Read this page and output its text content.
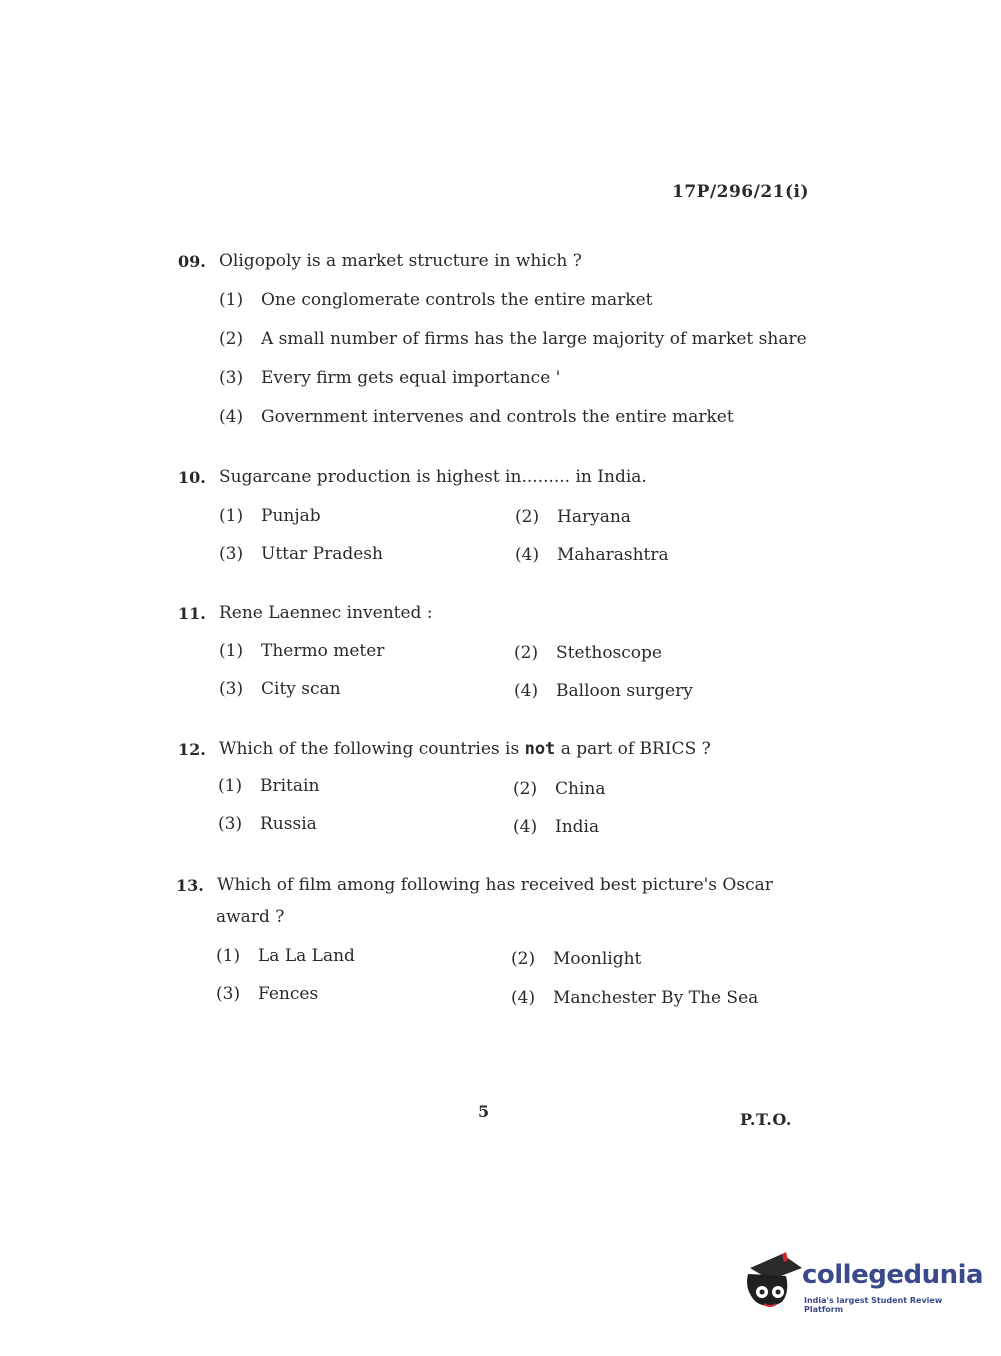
17P/296/21(i)
09. Oligopoly is a market structure in which ?
(1) One conglomerate controls the entire market
(2) A small number of firms has the large majority of market share
(3) Every firm gets equal importance '
(4) Government intervenes and controls the entire market
10. Sugarcane production is highest in......... in India.
(1) Punjab	(2) Haryana
(3) Uttar Pradesh	(4) Maharashtra
11. Rene Laennec invented :
(1) Thermo meter	(2) Stethoscope
(3) City scan	(4) Balloon surgery
12. Which of the following countries is not a part of BRICS ?
(1) Britain	(2) China
(3) Russia	(4) India
13. Which of film among following has received best picture's Oscar
award ?
(1) La La Land	(2) Moonlight
(3) Fences	(4) Manchester By The Sea
5	P.T.O.
collegedunia
India's largest Student Review Platform
